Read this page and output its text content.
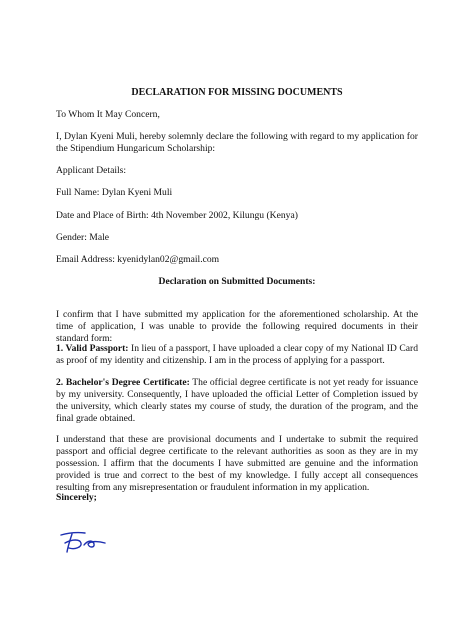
DECLARATION FOR MISSING DOCUMENTS

To Whom It May Concern,

I, Dylan Kyeni Muli, hereby solemnly declare the following with regard to my application for the Stipendium Hungaricum Scholarship:

Applicant Details:

Full Name: Dylan Kyeni Muli

Date and Place of Birth: 4th November 2002, Kilungu (Kenya)

Gender: Male

Email Address: kyenidylan02@gmail.com

Declaration on Submitted Documents:

I confirm that I have submitted my application for the aforementioned scholarship. At the time of application, I was unable to provide the following required documents in their standard form:

1. Valid Passport: In lieu of a passport, I have uploaded a clear copy of my National ID Card as proof of my identity and citizenship. I am in the process of applying for a passport.

2. Bachelor's Degree Certificate: The official degree certificate is not yet ready for issuance by my university. Consequently, I have uploaded the official Letter of Completion issued by the university, which clearly states my course of study, the duration of the program, and the final grade obtained.

I understand that these are provisional documents and I undertake to submit the required passport and official degree certificate to the relevant authorities as soon as they are in my possession. I affirm that the documents I have submitted are genuine and the information provided is true and correct to the best of my knowledge. I fully accept all consequences resulting from any misrepresentation or fraudulent information in my application.

Sincerely;
